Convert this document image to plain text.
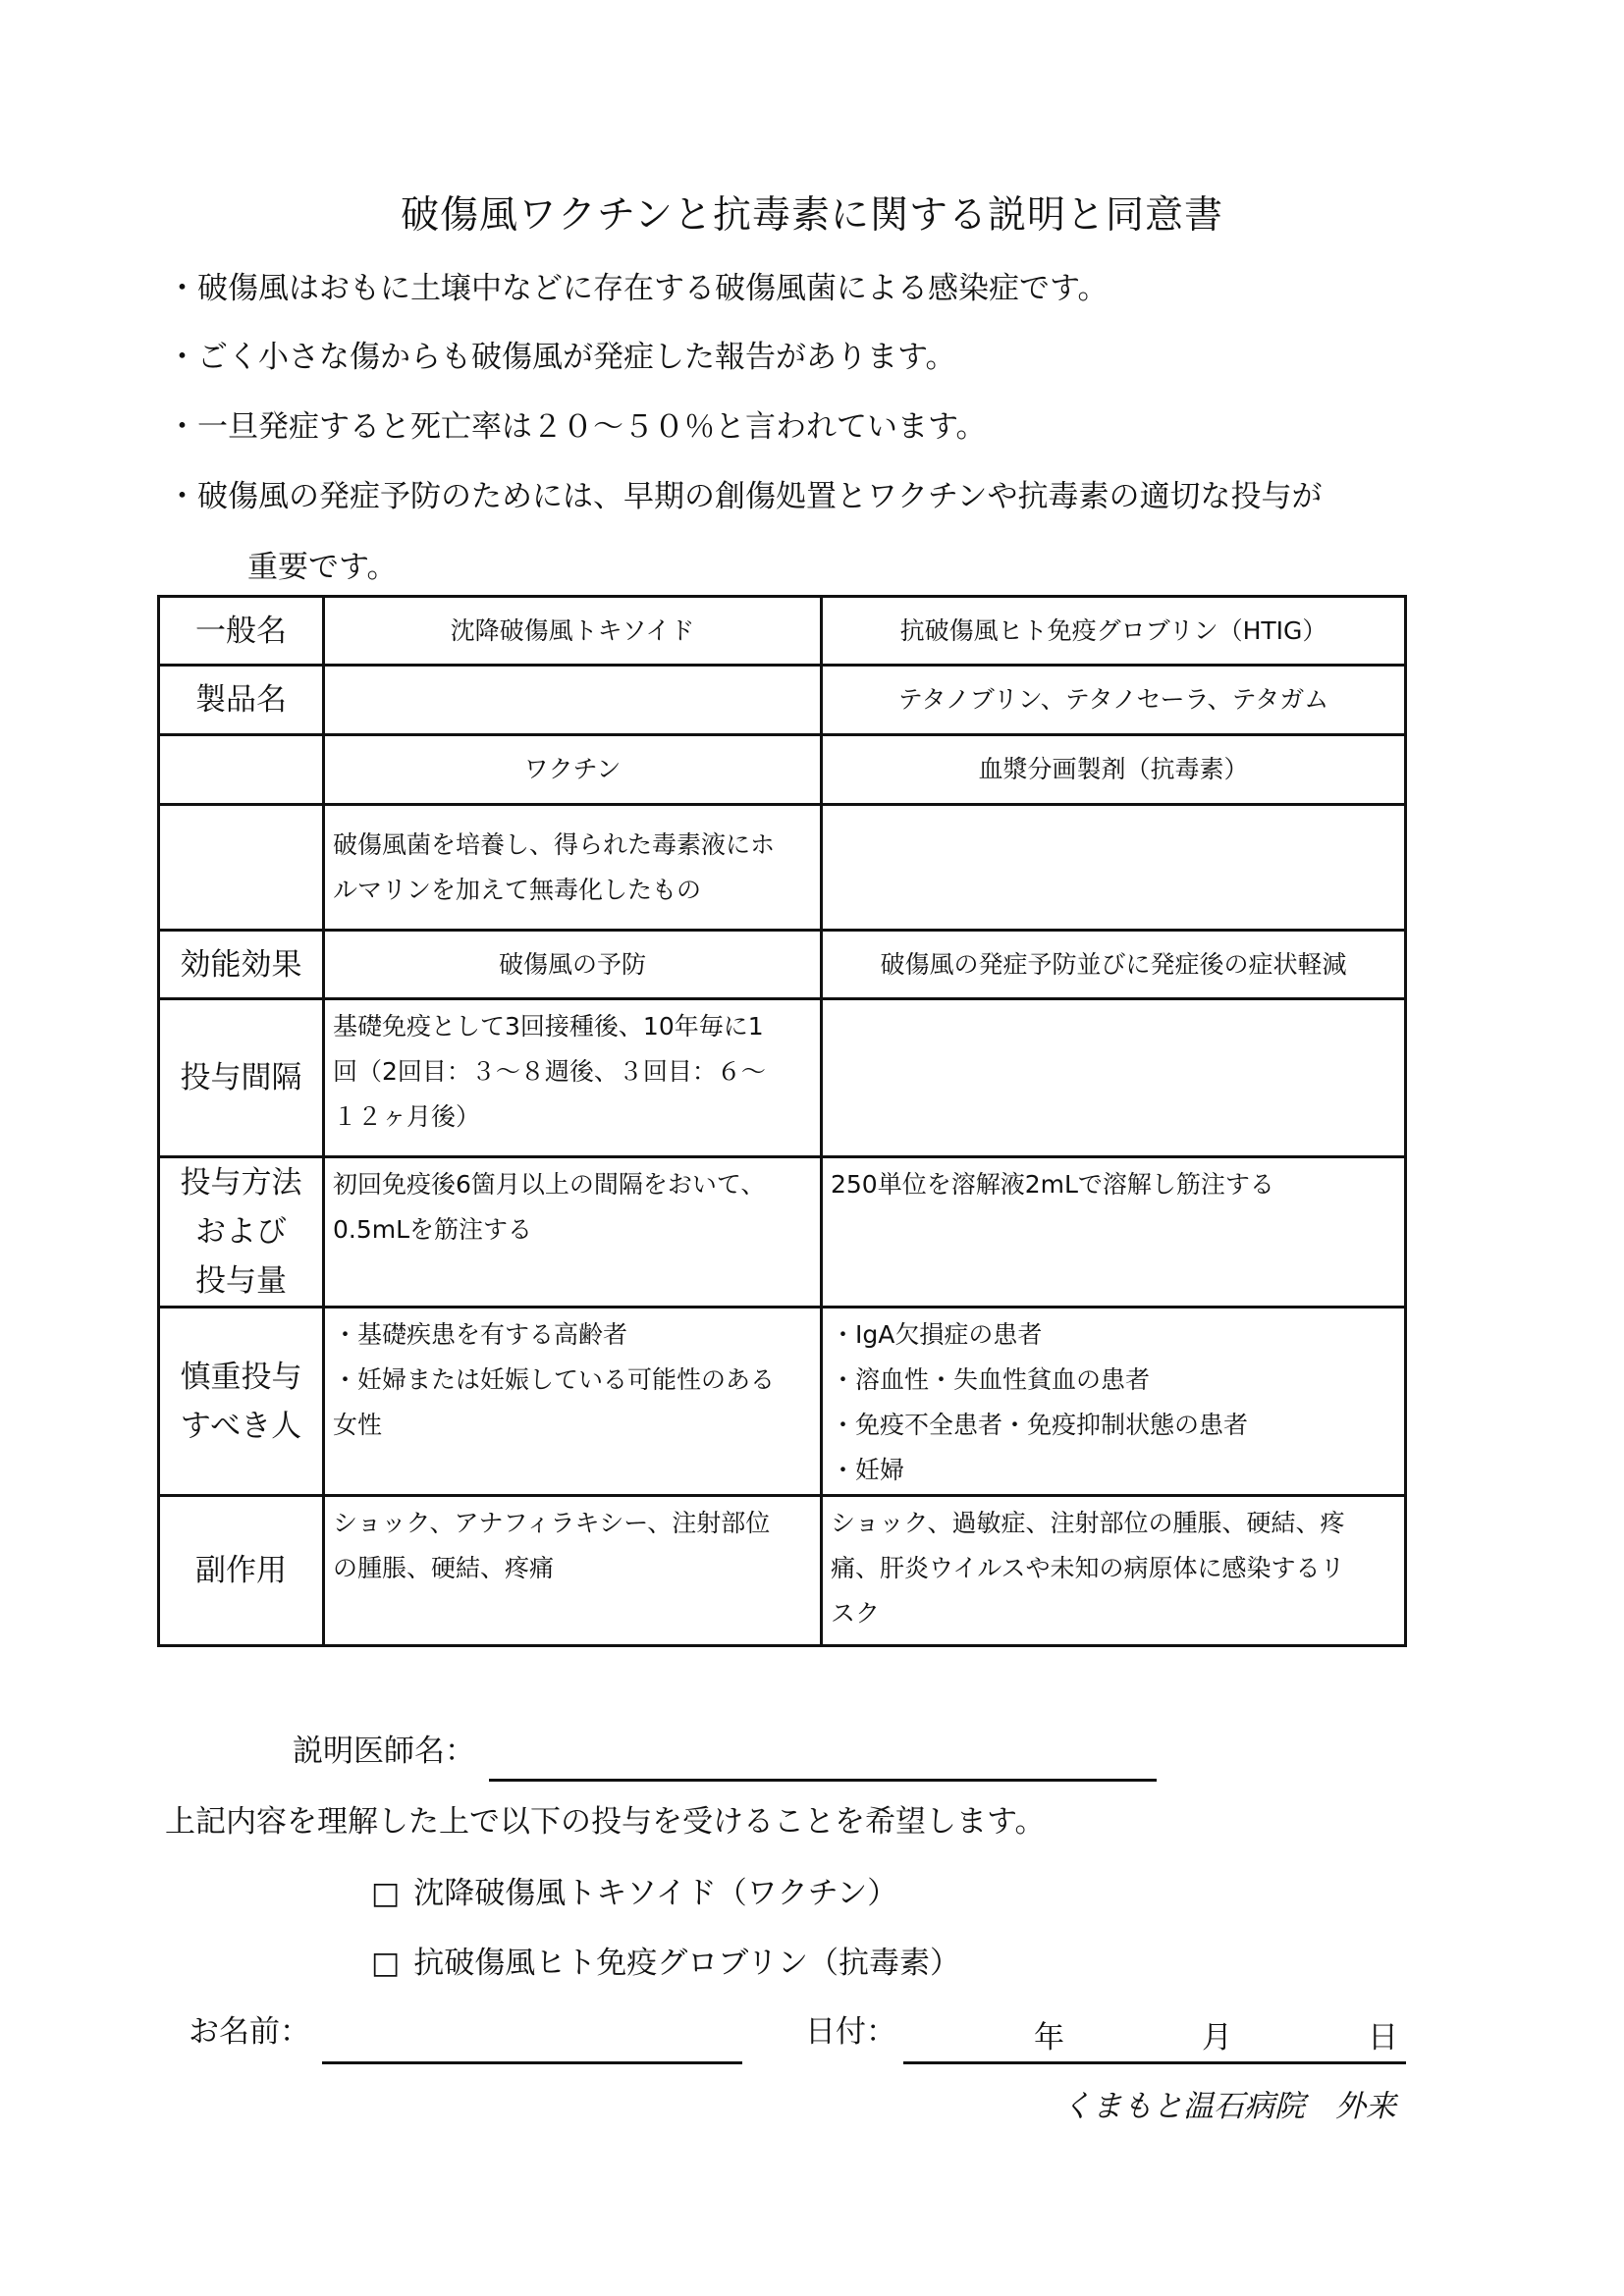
破傷風ワクチンと抗毒素に関する説明と同意書
・破傷風はおもに土壌中などに存在する破傷風菌による感染症です。
・ごく小さな傷からも破傷風が発症した報告があります。
・一旦発症すると死亡率は２０～５０％と言われています。
・破傷風の発症予防のためには、早期の創傷処置とワクチンや抗毒素の適切な投与が
重要です。
一般名	沈降破傷風トキソイド	抗破傷風ヒト免疫グロブリン（HTIG）
製品名		テタノブリン、テタノセーラ、テタガム
	ワクチン	血漿分画製剤（抗毒素）

	破傷風菌を培養し、得られた毒素液にホ
ルマリンを加えて無毒化したもの	

効能効果	破傷風の予防	破傷風の発症予防並びに発症後の症状軽減
投与間隔	基礎免疫として3回接種後、10年毎に1
回（2回目：３～８週後、３回目：６～
１２ヶ月後）	

投与方法
および
投与量	初回免疫後6箇月以上の間隔をおいて、
0.5mLを筋注する	250単位を溶解液2mLで溶解し筋注する

慎重投与
すべき人	・基礎疾患を有する高齢者
・妊婦または妊娠している可能性のある
女性	・IgA欠損症の患者
・溶血性・失血性貧血の患者
・免疫不全患者・免疫抑制状態の患者
・妊婦

副作用	ショック、アナフィラキシー、注射部位
の腫脹、硬結、疼痛	ショック、過敏症、注射部位の腫脹、硬結、疼
痛、肝炎ウイルスや未知の病原体に感染するリ
スク
説明医師名：
上記内容を理解した上で以下の投与を受けることを希望します。
□ 沈降破傷風トキソイド（ワクチン）
□ 抗破傷風ヒト免疫グロブリン（抗毒素）
お名前：	日付：	年	月	日
くまもと温石病院　外来
